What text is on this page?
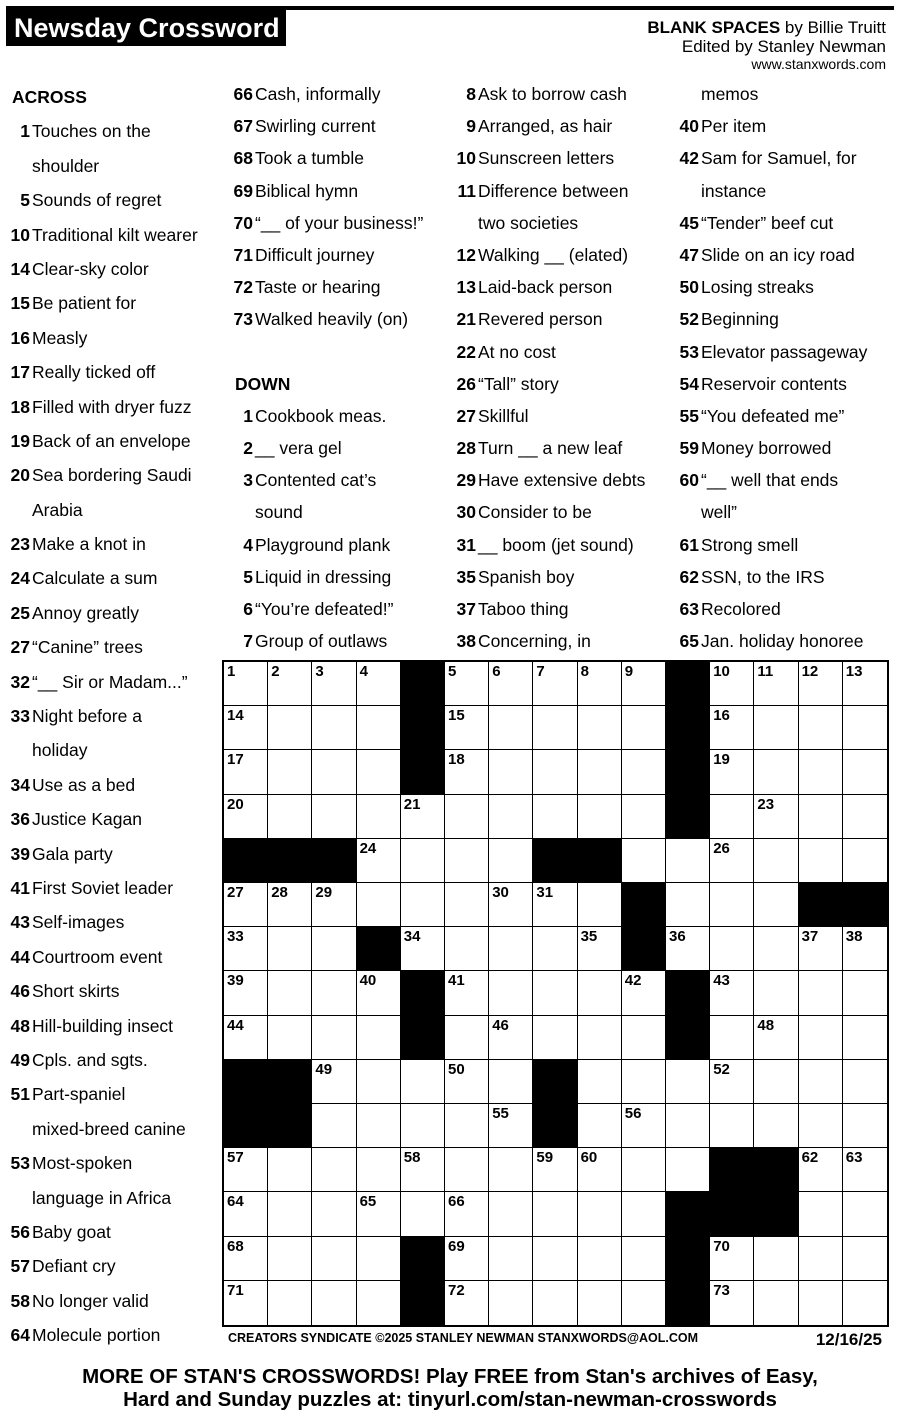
Newsday Crossword	BLANK SPACES by Billie Truitt
Edited by Stanley Newman
www.stanxwords.com
ACROSS
1 Touches on the
shoulder
5 Sounds of regret
10 Traditional kilt wearer
14 Clear-sky color
15 Be patient for
16 Measly
17 Really ticked off
18 Filled with dryer fuzz
19 Back of an envelope
20 Sea bordering Saudi
Arabia
23 Make a knot in
24 Calculate a sum
25 Annoy greatly
27 “Canine” trees
32 “__ Sir or Madam...”
33 Night before a
holiday
34 Use as a bed
36 Justice Kagan
39 Gala party
41 First Soviet leader
43 Self-images
44 Courtroom event
46 Short skirts
48 Hill-building insect
49 Cpls. and sgts.
51 Part-spaniel
mixed-breed canine
53 Most-spoken
language in Africa
56 Baby goat
57 Defiant cry
58 No longer valid
64 Molecule portion
66 Cash, informally
67 Swirling current
68 Took a tumble
69 Biblical hymn
70 “__ of your business!”
71 Difficult journey
72 Taste or hearing
73 Walked heavily (on)
DOWN
1 Cookbook meas.
2 __ vera gel
3 Contented cat’s
sound
4 Playground plank
5 Liquid in dressing
6 “You’re defeated!”
7 Group of outlaws
8 Ask to borrow cash
9 Arranged, as hair
10 Sunscreen letters
11 Difference between
two societies
12 Walking __ (elated)
13 Laid-back person
21 Revered person
22 At no cost
26 “Tall” story
27 Skillful
28 Turn __ a new leaf
29 Have extensive debts
30 Consider to be
31 __ boom (jet sound)
35 Spanish boy
37 Taboo thing
38 Concerning, in
memos
40 Per item
42 Sam for Samuel, for
instance
45 “Tender” beef cut
47 Slide on an icy road
50 Losing streaks
52 Beginning
53 Elevator passageway
54 Reservoir contents
55 “You defeated me”
59 Money borrowed
60 “__ well that ends
well”
61 Strong smell
62 SSN, to the IRS
63 Recolored
65 Jan. holiday honoree
1 2 3 4	5 6 7 8 9	10 11 12 13
14	15	16
17	18	19
20	21	22	23
24	25	26
27 28 29	30 31	32
33	34	35	36	37 38
39	40	41	42	43
44	45	46	47	48
49	50	51	52
53 54	55	56
57	58	59 60	61 62 63
64	65	66	67
68	69	70
71	72	73
CREATORS SYNDICATE ©2025 STANLEY NEWMAN STANXWORDS@AOL.COM	12/16/25
MORE OF STAN'S CROSSWORDS! Play FREE from Stan's archives of Easy,
Hard and Sunday puzzles at: tinyurl.com/stan-newman-crosswords
